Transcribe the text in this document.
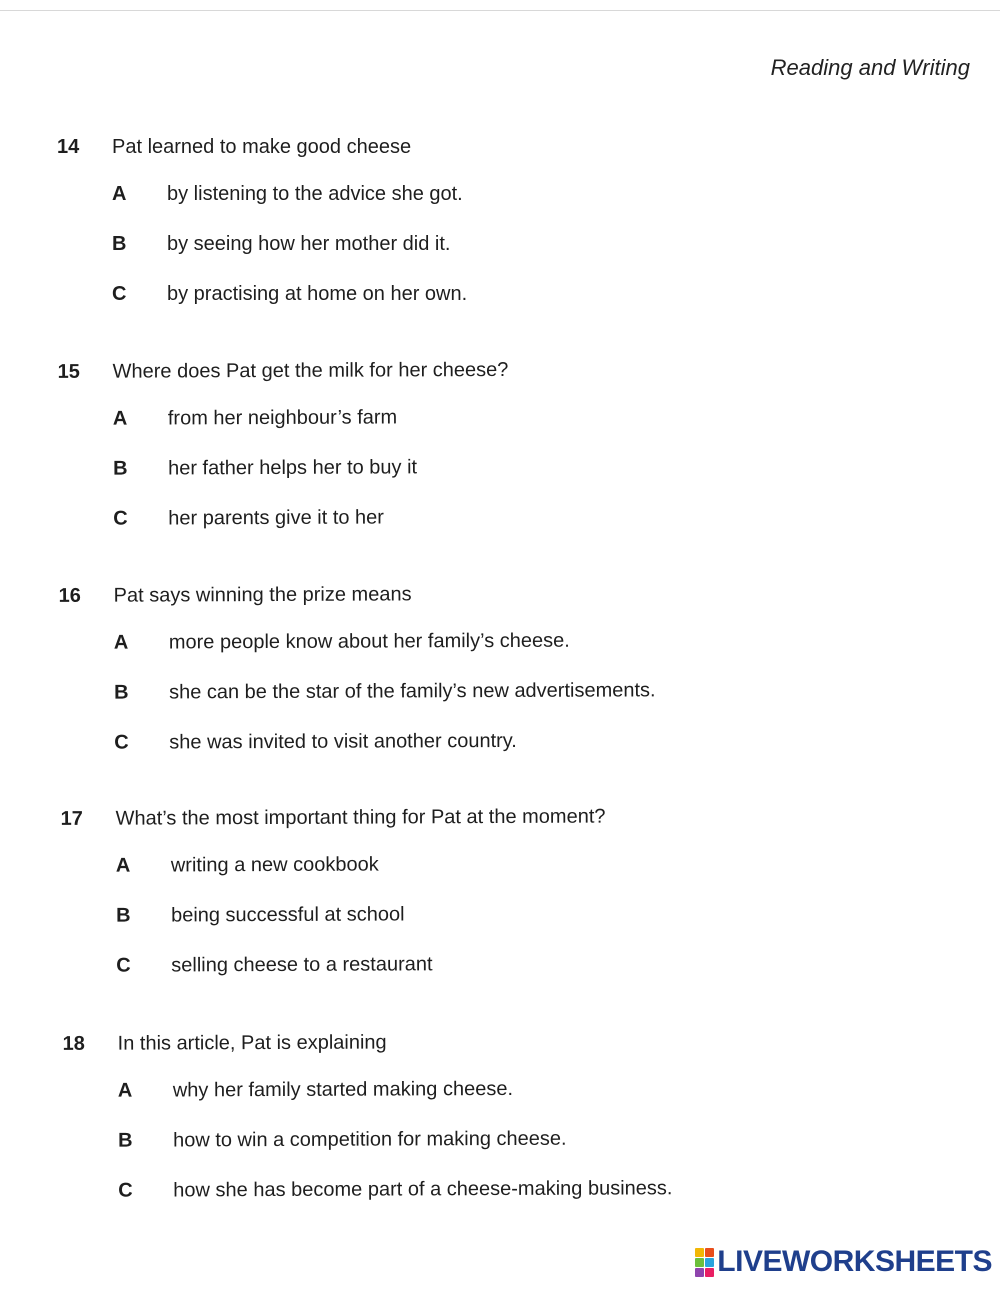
Reading and Writing
14	Pat learned to make good cheese
A	by listening to the advice she got.
B	by seeing how her mother did it.
C	by practising at home on her own.
15	Where does Pat get the milk for her cheese?
A	from her neighbour’s farm
B	her father helps her to buy it
C	her parents give it to her
16	Pat says winning the prize means
A	more people know about her family’s cheese.
B	she can be the star of the family’s new advertisements.
C	she was invited to visit another country.
17	What’s the most important thing for Pat at the moment?
A	writing a new cookbook
B	being successful at school
C	selling cheese to a restaurant
18	In this article, Pat is explaining
A	why her family started making cheese.
B	how to win a competition for making cheese.
C	how she has become part of a cheese-making business.
LIVEWORKSHEETS
